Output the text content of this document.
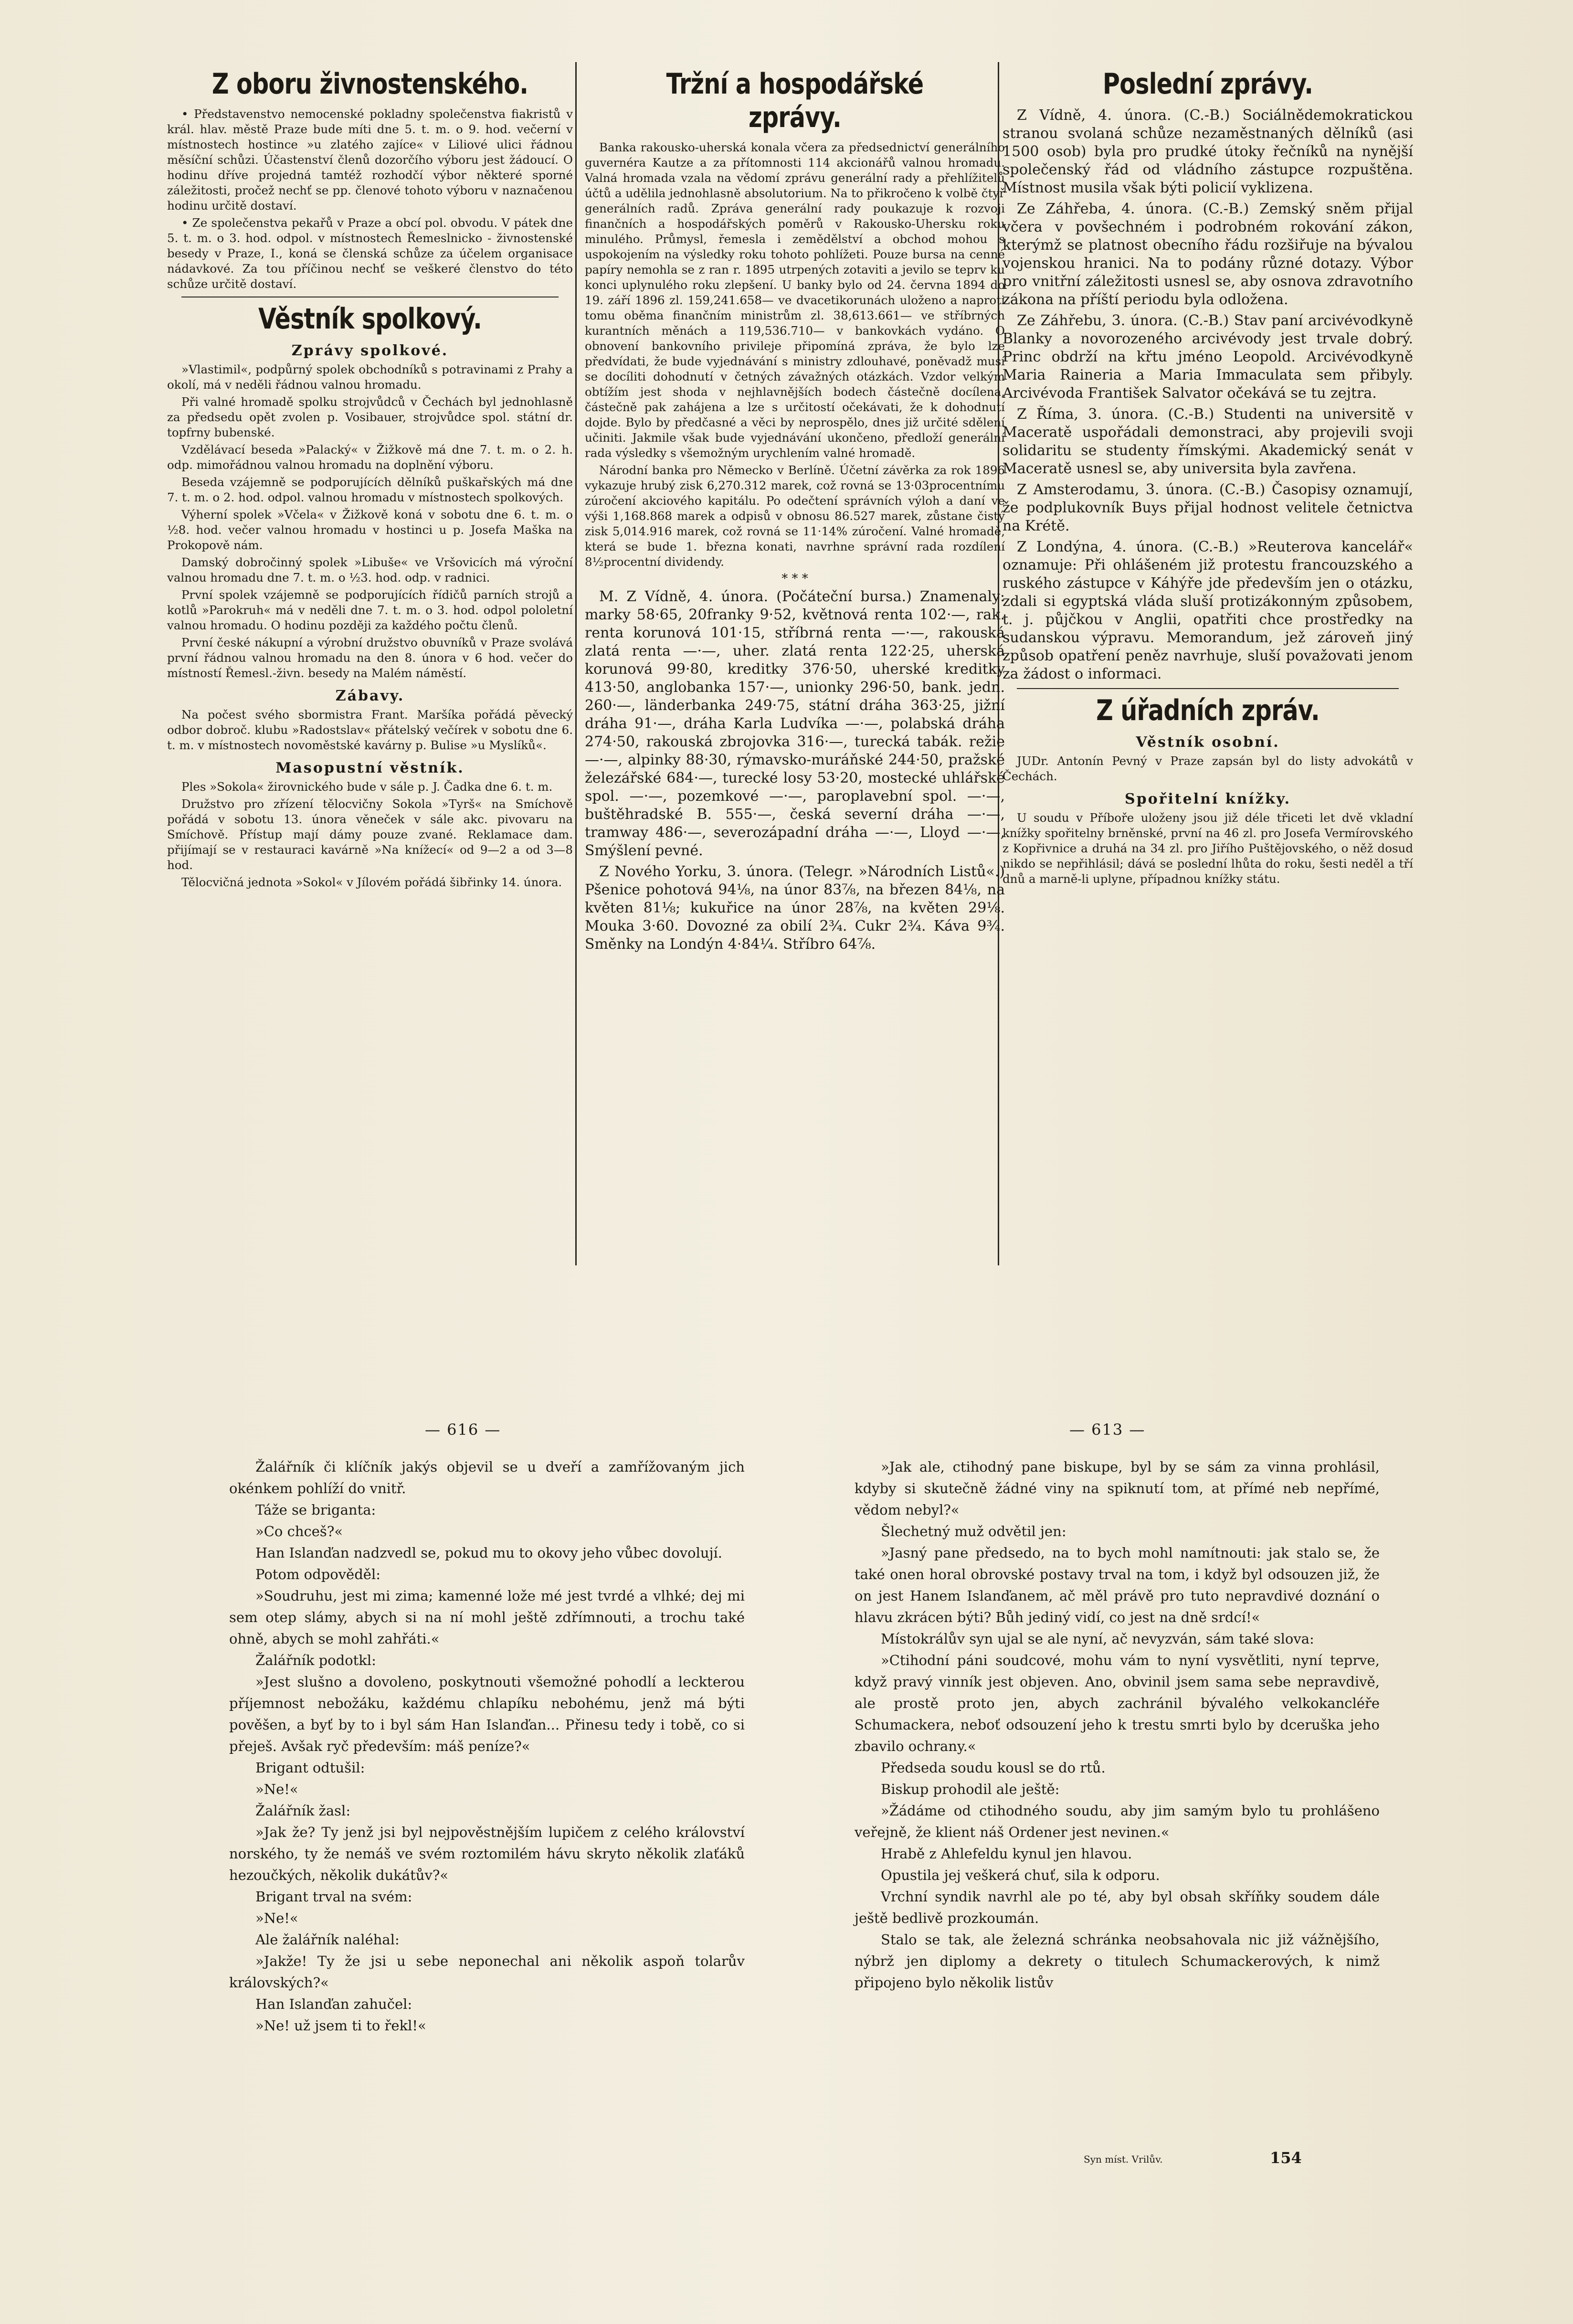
Z oboru živnostenského.

• Představenstvo nemocenské pokladny společenstva fiakristů v král. hlav. městě Praze bude míti dne 5. t. m. o 9. hod. večerní v místnostech hostince »u zlatého zajíce« v Liliové ulici řádnou měsíční schůzi. Účastenství členů dozorčího výboru jest žádoucí. O hodinu dříve projedná tamtéž rozhodčí výbor některé sporné záležitosti, pročež nechť se pp. členové tohoto výboru v naznačenou hodinu určitě dostaví.

• Ze společenstva pekařů v Praze a obcí pol. obvodu. V pátek dne 5. t. m. o 3. hod. odpol. v místnostech Řemeslnicko - živnostenské besedy v Praze, I., koná se členská schůze za účelem organisace nádavkové. Za tou příčinou nechť se veškeré členstvo do této schůze určitě dostaví.

Věstník spolkový.
Zprávy spolkové.

»Vlastimil«, podpůrný spolek obchodníků s potravinami z Prahy a okolí, má v neděli řádnou valnou hromadu.

Při valné hromadě spolku strojvůdců v Čechách byl jednohlasně za předsedu opět zvolen p. Vosibauer, strojvůdce spol. státní dr. topfrny bubenské.

Vzdělávací beseda »Palacký« v Žižkově má dne 7. t. m. o 2. h. odp. mimořádnou valnou hromadu na doplnění výboru.

Beseda vzájemně se podporujících dělníků puškařských má dne 7. t. m. o 2. hod. odpol. valnou hromadu v místnostech spolkových.

Výherní spolek »Včela« v Žižkově koná v sobotu dne 6. t. m. o ½8. hod. večer valnou hromadu v hostinci u p. Josefa Maška na Prokopově nám.

Damský dobročinný spolek »Libuše« ve Vršovicích má výroční valnou hromadu dne 7. t. m. o ½3. hod. odp. v radnici.

První spolek vzájemně se podporujících řídičů parních strojů a kotlů »Parokruh« má v neděli dne 7. t. m. o 3. hod. odpol pololetní valnou hromadu. O hodinu později za každého počtu členů.

První české nákupní a výrobní družstvo obuvníků v Praze svolává první řádnou valnou hromadu na den 8. února v 6 hod. večer do místností Řemesl.-živn. besedy na Malém náměstí.

Zábavy.

Na počest svého sbormistra Frant. Maršíka pořádá pěvecký odbor dobroč. klubu »Radostslav« přátelský večírek v sobotu dne 6. t. m. v místnostech novoměstské kavárny p. Bulise »u Myslíků«.

Masopustní věstník.

Ples »Sokola« žirovnického bude v sále p. J. Čadka dne 6. t. m.

Družstvo pro zřízení tělocvičny Sokola »Tyrš« na Smíchově pořádá v sobotu 13. února věneček v sále akc. pivovaru na Smíchově. Přístup mají dámy pouze zvané. Reklamace dam. přijímají se v restauraci kavárně »Na knížecí« od 9—2 a od 3—8 hod.

Tělocvičná jednota »Sokol« v Jílovém pořádá šibřinky 14. února.

Tržní a hospodářské zprávy.

Banka rakousko-uherská konala včera za předsednictví generálního guvernéra Kautze a za přítomnosti 114 akcionářů valnou hromadu. Valná hromada vzala na vědomí zprávu generální rady a přehlížitelů účtů a udělila jednohlasně absolutorium. Na to přikročeno k volbě čtyř generálních radů. Zpráva generální rady poukazuje k rozvoji finančních a hospodářských poměrů v Rakousko-Uhersku roku minulého. Průmysl, řemesla i zemědělství a obchod mohou s uspokojením na výsledky roku tohoto pohlížeti. Pouze bursa na cenné papíry nemohla se z ran r. 1895 utrpených zotaviti a jevilo se teprv ku konci uplynulého roku zlepšení. U banky bylo od 24. června 1894 do 19. září 1896 zl. 159,241.658— ve dvacetikorunách uloženo a naproti tomu oběma finančním ministrům zl. 38,613.661— ve stříbrných kurantních měnách a 119,536.710— v bankovkách vydáno. O obnovení bankovního privileje připomíná zpráva, že bylo lze předvídati, že bude vyjednávání s ministry zdlouhavé, poněvadž musí se docíliti dohodnutí v četných závažných otázkách. Vzdor velkým obtížím jest shoda v nejhlavnějších bodech částečně docílena, částečně pak zahájena a lze s určitostí očekávati, že k dohodnutí dojde. Bylo by předčasné a věci by neprospělo, dnes již určité sdělení učiniti. Jakmile však bude vyjednávání ukončeno, předloží generální rada výsledky s všemožným urychlením valné hromadě.

Národní banka pro Německo v Berlíně. Účetní závěrka za rok 1896 vykazuje hrubý zisk 6,270.312 marek, což rovná se 13·03procentnímu zúročení akciového kapitálu. Po odečtení správních výloh a daní ve výši 1,168.868 marek a odpisů v obnosu 86.527 marek, zůstane čistý zisk 5,014.916 marek, což rovná se 11·14% zúročení. Valné hromadě, která se bude 1. března konati, navrhne správní rada rozdílení 8½procentní dividendy.

* * *

M. Z Vídně, 4. února. (Počáteční bursa.) Znamenaly: marky 58·65, 20franky 9·52, květnová renta 102·—, rak. renta korunová 101·15, stříbrná renta —·—, rakouská zlatá renta —·—, uher. zlatá renta 122·25, uherská korunová 99·80, kreditky 376·50, uherské kreditky 413·50, anglobanka 157·—, unionky 296·50, bank. jedn. 260·—, länderbanka 249·75, státní dráha 363·25, jižní dráha 91·—, dráha Karla Ludvíka —·—, polabská dráha 274·50, rakouská zbrojovka 316·—, turecká tabák. režie —·—, alpinky 88·30, rýmavsko-muráňské 244·50, pražské železářské 684·—, turecké losy 53·20, mostecké uhlářské spol. —·—, pozemkové —·—, paroplavební spol. —·—, buštěhradské B. 555·—, česká severní dráha —·—, tramway 486·—, severozápadní dráha —·—, Lloyd —·—, Smýšlení pevné.

Z Nového Yorku, 3. února. (Telegr. »Národních Listů«.) Pšenice pohotová 94⅛, na únor 83⅞, na březen 84⅛, na květen 81⅛; kukuřice na únor 28⅞, na květen 29⅛. Mouka 3·60. Dovozné za obilí 2¾. Cukr 2¾. Káva 9¾. Směnky na Londýn 4·84¼. Stříbro 64⅞.

Poslední zprávy.

Z Vídně, 4. února. (C.-B.) Sociálnědemokratickou stranou svolaná schůze nezaměstnaných dělníků (asi 1500 osob) byla pro prudké útoky řečníků na nynější společenský řád od vládního zástupce rozpuštěna. Místnost musila však býti policií vyklizena.

Ze Záhřeba, 4. února. (C.-B.) Zemský sněm přijal včera v povšechném i podrobném rokování zákon, kterýmž se platnost obecního řádu rozšiřuje na bývalou vojenskou hranici. Na to podány různé dotazy. Výbor pro vnitřní záležitosti usnesl se, aby osnova zdravotního zákona na příští periodu byla odložena.

Ze Záhřebu, 3. února. (C.-B.) Stav paní arcivévodkyně Blanky a novorozeného arcivévody jest trvale dobrý. Princ obdrží na křtu jméno Leopold. Arcivévodkyně Maria Raineria a Maria Immaculata sem přibyly. Arcivévoda František Salvator očekává se tu zejtra.

Z Říma, 3. února. (C.-B.) Studenti na universitě v Maceratě uspořádali demonstraci, aby projevili svoji solidaritu se studenty římskými. Akademický senát v Maceratě usnesl se, aby universita byla zavřena.

Z Amsterodamu, 3. února. (C.-B.) Časopisy oznamují, že podplukovník Buys přijal hodnost velitele četnictva na Krétě.

Z Londýna, 4. února. (C.-B.) »Reuterova kancelář« oznamuje: Při ohlášeném již protestu francouzského a ruského zástupce v Káhýře jde především jen o otázku, zdali si egyptská vláda sluší protizákonným způsobem, t. j. půjčkou v Anglii, opatřiti chce prostředky na sudanskou výpravu. Memorandum, jež zároveň jiný způsob opatření peněz navrhuje, sluší považovati jenom za žádost o informaci.

Z úřadních zpráv.
Věstník osobní.

JUDr. Antonín Pevný v Praze zapsán byl do listy advokátů v Čechách.

Spořitelní knížky.

U soudu v Příboře uloženy jsou již déle třiceti let dvě vkladní knížky spořitelny brněnské, první na 46 zl. pro Josefa Vermírovského z Kopřivnice a druhá na 34 zl. pro Jiřího Puštějovského, o něž dosud nikdo se nepřihlásil; dává se poslední lhůta do roku, šesti neděl a tří dnů a marně-li uplyne, případnou knížky státu.

— 616 —	— 613 —

Žalářník či klíčník jakýs objevil se u dveří a zamřížovaným jich okénkem pohlíží do vnitř.

Táže se briganta:

»Co chceš?«

Han Islanďan nadzvedl se, pokud mu to okovy jeho vůbec dovolují.

Potom odpověděl:

»Soudruhu, jest mi zima; kamenné lože mé jest tvrdé a vlhké; dej mi sem otep slámy, abych si na ní mohl ještě zdřímnouti, a trochu také ohně, abych se mohl zahřáti.«

Žalářník podotkl:

»Jest slušno a dovoleno, poskytnouti všemožné pohodlí a leckterou příjemnost nebožáku, každému chlapíku nebohému, jenž má býti pověšen, a byť by to i byl sám Han Islanďan... Přinesu tedy i tobě, co si přeješ. Avšak ryč především: máš peníze?«

Brigant odtušil:

»Ne!«

Žalářník žasl:

»Jak že? Ty jenž jsi byl nejpověstnějším lupičem z celého království norského, ty že nemáš ve svém roztomilém hávu skryto několik zlaťáků hezoučkých, několik dukátův?«

Brigant trval na svém:

»Ne!«

Ale žalářník naléhal:

»Jakže! Ty že jsi u sebe neponechal ani několik aspoň tolarův královských?«

Han Islanďan zahučel:

»Ne! už jsem ti to řekl!«

»Jak ale, ctihodný pane biskupe, byl by se sám za vinna prohlásil, kdyby si skutečně žádné viny na spiknutí tom, at přímé neb nepřímé, vědom nebyl?«

Šlechetný muž odvětil jen:

»Jasný pane předsedo, na to bych mohl namítnouti: jak stalo se, že také onen horal obrovské postavy trval na tom, i když byl odsouzen již, že on jest Hanem Islanďanem, ač měl právě pro tuto nepravdivé doznání o hlavu zkrácen býti? Bůh jediný vidí, co jest na dně srdcí!«

Místokrálův syn ujal se ale nyní, ač nevyzván, sám také slova:

»Ctihodní páni soudcové, mohu vám to nyní vysvětliti, nyní teprve, když pravý vinník jest objeven. Ano, obvinil jsem sama sebe nepravdivě, ale prostě proto jen, abych zachránil bývalého velkokancléře Schumackera, neboť odsouzení jeho k trestu smrti bylo by dceruška jeho zbavilo ochrany.«

Předseda soudu kousl se do rtů.

Biskup prohodil ale ještě:

»Žádáme od ctihodného soudu, aby jim samým bylo tu prohlášeno veřejně, že klient náš Ordener jest nevinen.«

Hrabě z Ahlefeldu kynul jen hlavou.

Opustila jej veškerá chuť, sila k odporu.

Vrchní syndik navrhl ale po té, aby byl obsah skříňky soudem dále ještě bedlivě prozkoumán.

Stalo se tak, ale železná schránka neobsahovala nic již vážnějšího, nýbrž jen diplomy a dekrety o titulech Schumackerových, k nimž připojeno bylo několik listův

Syn míst. Vrilův.	154
